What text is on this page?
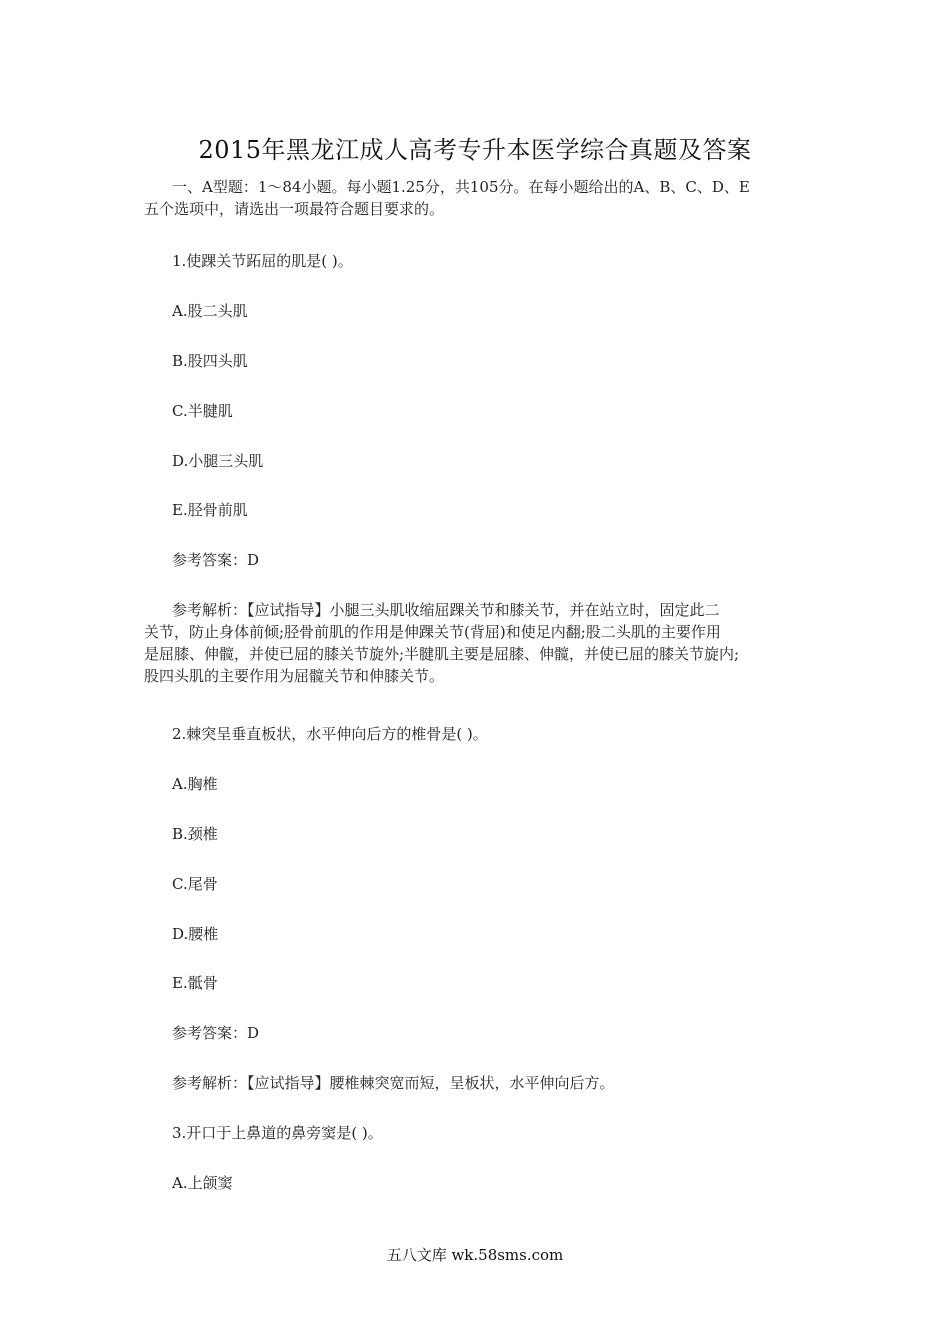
2015年黑龙江成人高考专升本医学综合真题及答案
一、A型题：1～84小题。每小题1.25分，共105分。在每小题给出的A、B、C、D、E
五个选项中，请选出一项最符合题目要求的。
1.使踝关节跖屈的肌是( )。
A.股二头肌
B.股四头肌
C.半腱肌
D.小腿三头肌
E.胫骨前肌
参考答案：D
参考解析：【应试指导】小腿三头肌收缩屈踝关节和膝关节，并在站立时，固定此二
关节，防止身体前倾;胫骨前肌的作用是伸踝关节(背屈)和使足内翻;股二头肌的主要作用
是屈膝、伸髋，并使已屈的膝关节旋外;半腱肌主要是屈膝、伸髋，并使已屈的膝关节旋内;
股四头肌的主要作用为屈髋关节和伸膝关节。
2.棘突呈垂直板状，水平伸向后方的椎骨是( )。
A.胸椎
B.颈椎
C.尾骨
D.腰椎
E.骶骨
参考答案：D
参考解析：【应试指导】腰椎棘突宽而短，呈板状，水平伸向后方。
3.开口于上鼻道的鼻旁窦是( )。
A.上颌窦
五八文库 wk.58sms.com
